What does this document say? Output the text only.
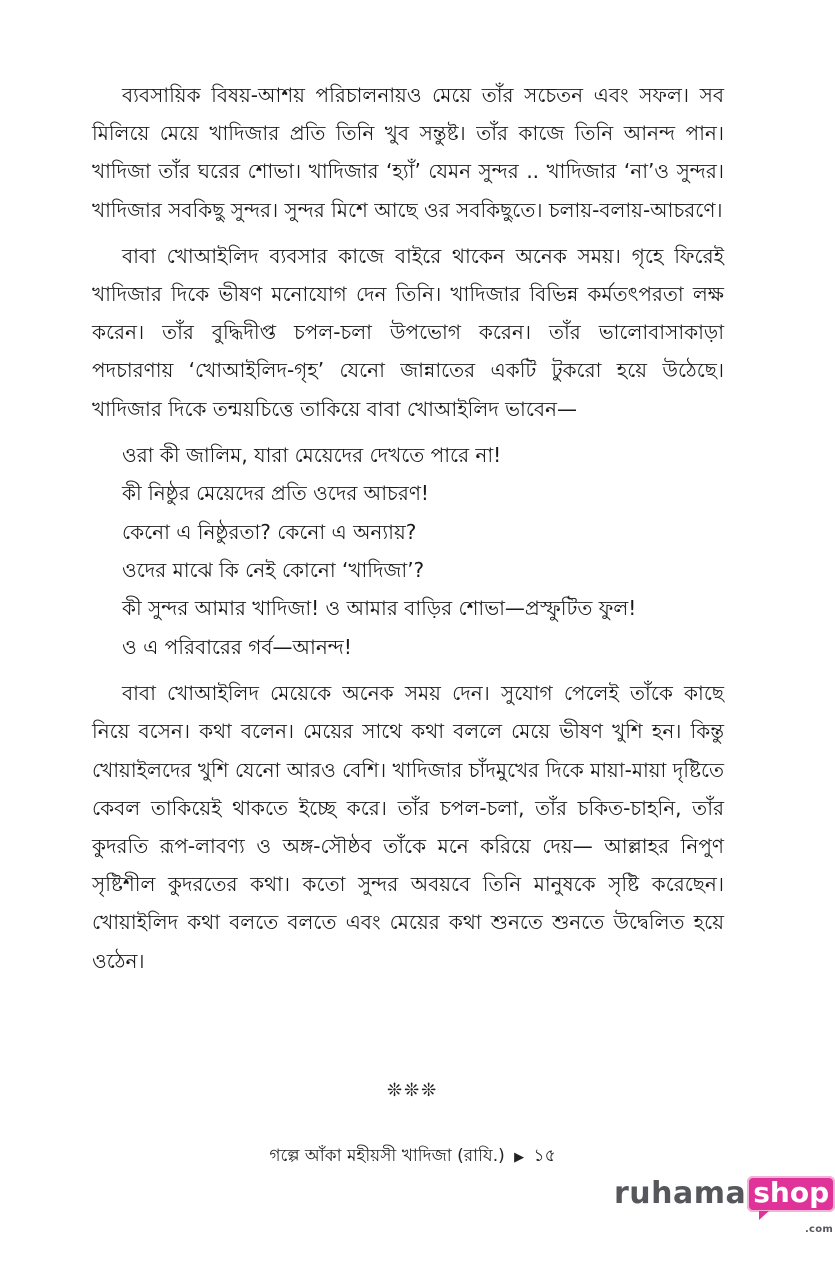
ব্যবসায়িক বিষয়-আশয় পরিচালনায়ও মেয়ে তাঁর সচেতন এবং সফল। সব মিলিয়ে মেয়ে খাদিজার প্রতি তিনি খুব সন্তুষ্ট। তাঁর কাজে তিনি আনন্দ পান। খাদিজা তাঁর ঘরের শোভা। খাদিজার ‘হ্যাঁ’ যেমন সুন্দর .. খাদিজার ‘না’ও সুন্দর। খাদিজার সবকিছু সুন্দর। সুন্দর মিশে আছে ওর সবকিছুতে। চলায়-বলায়-আচরণে।

বাবা খোআইলিদ ব্যবসার কাজে বাইরে থাকেন অনেক সময়। গৃহে ফিরেই খাদিজার দিকে ভীষণ মনোযোগ দেন তিনি। খাদিজার বিভিন্ন কর্মতৎপরতা লক্ষ করেন। তাঁর বুদ্ধিদীপ্ত চপল-চলা উপভোগ করেন। তাঁর ভালোবাসাকাড়া পদচারণায় ‘খোআইলিদ-গৃহ’ যেনো জান্নাতের একটি টুকরো হয়ে উঠেছে। খাদিজার দিকে তন্ময়চিত্তে তাকিয়ে বাবা খোআইলিদ ভাবেন—

ওরা কী জালিম, যারা মেয়েদের দেখতে পারে না!
কী নিষ্ঠুর মেয়েদের প্রতি ওদের আচরণ!
কেনো এ নিষ্ঠুরতা? কেনো এ অন্যায়?
ওদের মাঝে কি নেই কোনো ‘খাদিজা’?
কী সুন্দর আমার খাদিজা! ও আমার বাড়ির শোভা—প্রস্ফুটিত ফুল!
ও এ পরিবারের গর্ব—আনন্দ!

বাবা খোআইলিদ মেয়েকে অনেক সময় দেন। সুযোগ পেলেই তাঁকে কাছে নিয়ে বসেন। কথা বলেন। মেয়ের সাথে কথা বললে মেয়ে ভীষণ খুশি হন। কিন্তু খোয়াইলদের খুশি যেনো আরও বেশি। খাদিজার চাঁদমুখের দিকে মায়া-মায়া দৃষ্টিতে কেবল তাকিয়েই থাকতে ইচ্ছে করে। তাঁর চপল-চলা, তাঁর চকিত-চাহনি, তাঁর কুদরতি রূপ-লাবণ্য ও অঙ্গ-সৌষ্ঠব তাঁকে মনে করিয়ে দেয়— আল্লাহর নিপুণ সৃষ্টিশীল কুদরতের কথা। কতো সুন্দর অবয়বে তিনি মানুষকে সৃষ্টি করেছেন। খোয়াইলিদ কথা বলতে বলতে এবং মেয়ের কথা শুনতে শুনতে উদ্বেলিত হয়ে ওঠেন।

❊❊❊
গল্পে আঁকা মহীয়সী খাদিজা (রাযি.) ▶ ১৫
ruhama shop
.com
